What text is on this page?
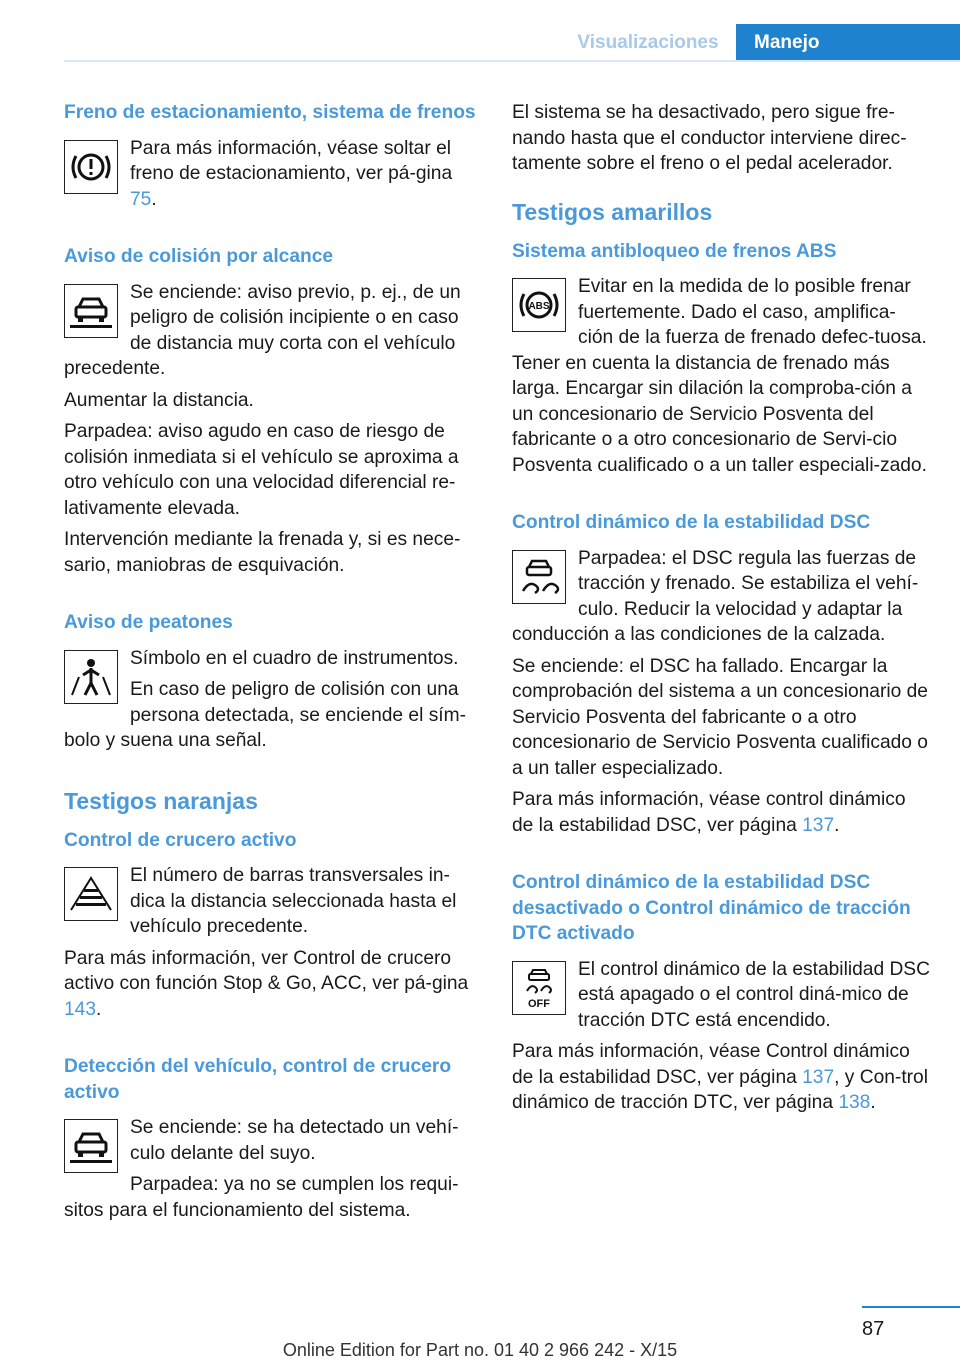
Visualizaciones	Manejo
Freno de estacionamiento, sistema de frenos

Para más información, véase soltar el freno de estacionamiento, ver pá-gina 75.

Aviso de colisión por alcance

Se enciende: aviso previo, p. ej., de un peligro de colisión incipiente o en caso de distancia muy corta con el vehículo precedente.

Aumentar la distancia.

Parpadea: aviso agudo en caso de riesgo de colisión inmediata si el vehículo se aproxima a otro vehículo con una velocidad diferencial re-lativamente elevada.

Intervención mediante la frenada y, si es nece-sario, maniobras de esquivación.

Aviso de peatones

Símbolo en el cuadro de instrumentos.

En caso de peligro de colisión con una persona detectada, se enciende el sím-bolo y suena una señal.

Testigos naranjas
Control de crucero activo

El número de barras transversales in-dica la distancia seleccionada hasta el vehículo precedente.

Para más información, ver Control de crucero activo con función Stop & Go, ACC, ver pá-gina 143.

Detección del vehículo, control de crucero activo

Se enciende: se ha detectado un vehí-culo delante del suyo.

Parpadea: ya no se cumplen los requi-sitos para el funcionamiento del sistema.

El sistema se ha desactivado, pero sigue fre-nando hasta que el conductor interviene direc-tamente sobre el freno o el pedal acelerador.

Testigos amarillos
Sistema antibloqueo de frenos ABS
ABS

Evitar en la medida de lo posible frenar fuertemente. Dado el caso, amplifica-ción de la fuerza de frenado defec-tuosa. Tener en cuenta la distancia de frenado más larga. Encargar sin dilación la comproba-ción a un concesionario de Servicio Posventa del fabricante o a otro concesionario de Servi-cio Posventa cualificado o a un taller especiali-zado.

Control dinámico de la estabilidad DSC

Parpadea: el DSC regula las fuerzas de tracción y frenado. Se estabiliza el vehí-culo. Reducir la velocidad y adaptar la conducción a las condiciones de la calzada.

Se enciende: el DSC ha fallado. Encargar la comprobación del sistema a un concesionario de Servicio Posventa del fabricante o a otro concesionario de Servicio Posventa cualificado o a un taller especializado.

Para más información, véase control dinámico de la estabilidad DSC, ver página 137.

Control dinámico de la estabilidad DSC desactivado o Control dinámico de tracción DTC activado
OFF

El control dinámico de la estabilidad DSC está apagado o el control diná-mico de tracción DTC está encendido.

Para más información, véase Control dinámico de la estabilidad DSC, ver página 137, y Con-trol dinámico de tracción DTC, ver página 138.

87
Online Edition for Part no. 01 40 2 966 242 - X/15
